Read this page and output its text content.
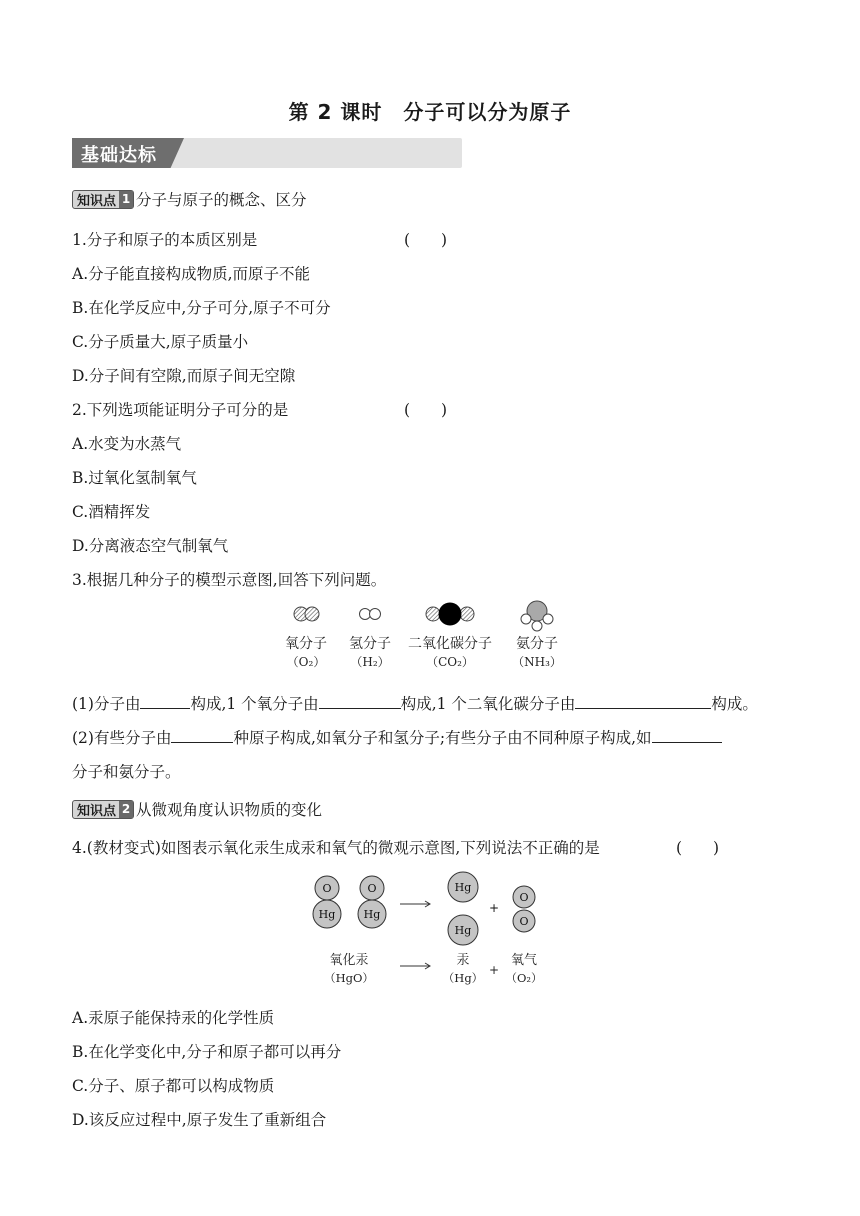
第 2 课时　分子可以分为原子
基础达标
知识点 1 分子与原子的概念、区分
1.分子和原子的本质区别是	(　　)
A.分子能直接构成物质,而原子不能
B.在化学反应中,分子可分,原子不可分
C.分子质量大,原子质量小
D.分子间有空隙,而原子间无空隙
2.下列选项能证明分子可分的是	(　　)
A.水变为水蒸气
B.过氧化氢制氧气
C.酒精挥发
D.分离液态空气制氧气
3.根据几种分子的模型示意图,回答下列问题。
氧分子
（O₂）
氢分子
（H₂）
二氧化碳分子
（CO₂）
氨分子
（NH₃）
(1)分子由	构成,1 个氧分子由	构成,1 个二氧化碳分子由	构成。
(2)有些分子由	种原子构成,如氧分子和氢分子;有些分子由不同种原子构成,如
分子和氨分子。
知识点 2 从微观角度认识物质的变化
4.(教材变式)如图表示氧化汞生成汞和氧气的微观示意图,下列说法不正确的是	(　　)
O
Hg
O
Hg
Hg
Hg
+
O
O
氧化汞
（HgO）
汞
（Hg）
+
氧气
（O₂）
A.汞原子能保持汞的化学性质
B.在化学变化中,分子和原子都可以再分
C.分子、原子都可以构成物质
D.该反应过程中,原子发生了重新组合
